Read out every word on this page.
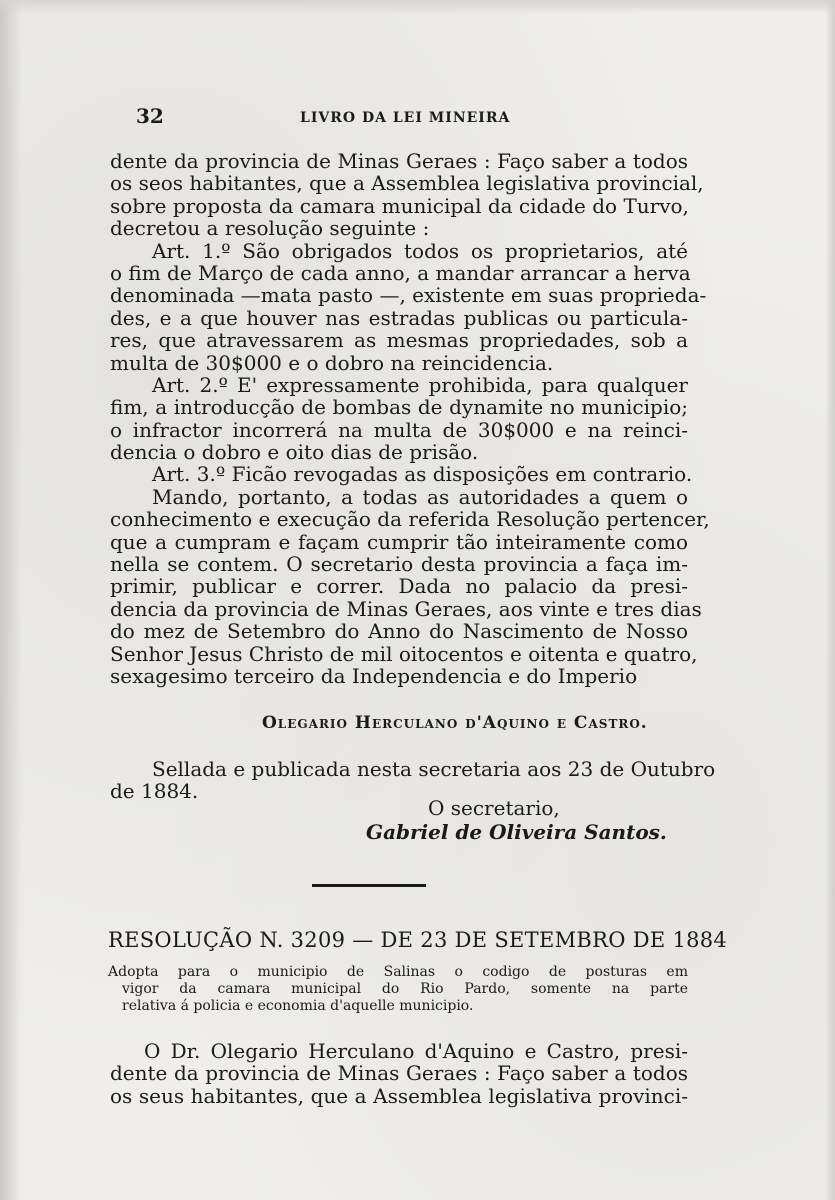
32	LIVRO DA LEI MINEIRA
dente da provincia de Minas Geraes : Faço saber a todos
os seos habitantes, que a Assemblea legislativa provincial,
sobre proposta da camara municipal da cidade do Turvo,
decretou a resolução seguinte :
Art. 1.º São obrigados todos os proprietarios, até
o fim de Março de cada anno, a mandar arrancar a herva
denominada —mata pasto —, existente em suas proprieda-
des, e a que houver nas estradas publicas ou particula-
res, que atravessarem as mesmas propriedades, sob a
multa de 30$000 e o dobro na reincidencia.
Art. 2.º E' expressamente prohibida, para qualquer
fim, a introducção de bombas de dynamite no municipio;
o infractor incorrerá na multa de 30$000 e na reinci-
dencia o dobro e oito dias de prisão.
Art. 3.º Ficão revogadas as disposições em contrario.
Mando, portanto, a todas as autoridades a quem o
conhecimento e execução da referida Resolução pertencer,
que a cumpram e façam cumprir tão inteiramente como
nella se contem. O secretario desta provincia a faça im-
primir, publicar e correr. Dada no palacio da presi-
dencia da provincia de Minas Geraes, aos vinte e tres dias
do mez de Setembro do Anno do Nascimento de Nosso
Senhor Jesus Christo de mil oitocentos e oitenta e quatro,
sexagesimo terceiro da Independencia e do Imperio
Olegario Herculano d'Aquino e Castro.
Sellada e publicada nesta secretaria aos 23 de Outubro
de 1884.
O secretario,
Gabriel de Oliveira Santos.
RESOLUÇÃO N. 3209 — DE 23 DE SETEMBRO DE 1884
Adopta para o municipio de Salinas o codigo de posturas em
vigor da camara municipal do Rio Pardo, somente na parte
relativa á policia e economia d'aquelle municipio.
O Dr. Olegario Herculano d'Aquino e Castro, presi-
dente da provincia de Minas Geraes : Faço saber a todos
os seus habitantes, que a Assemblea legislativa provinci-
